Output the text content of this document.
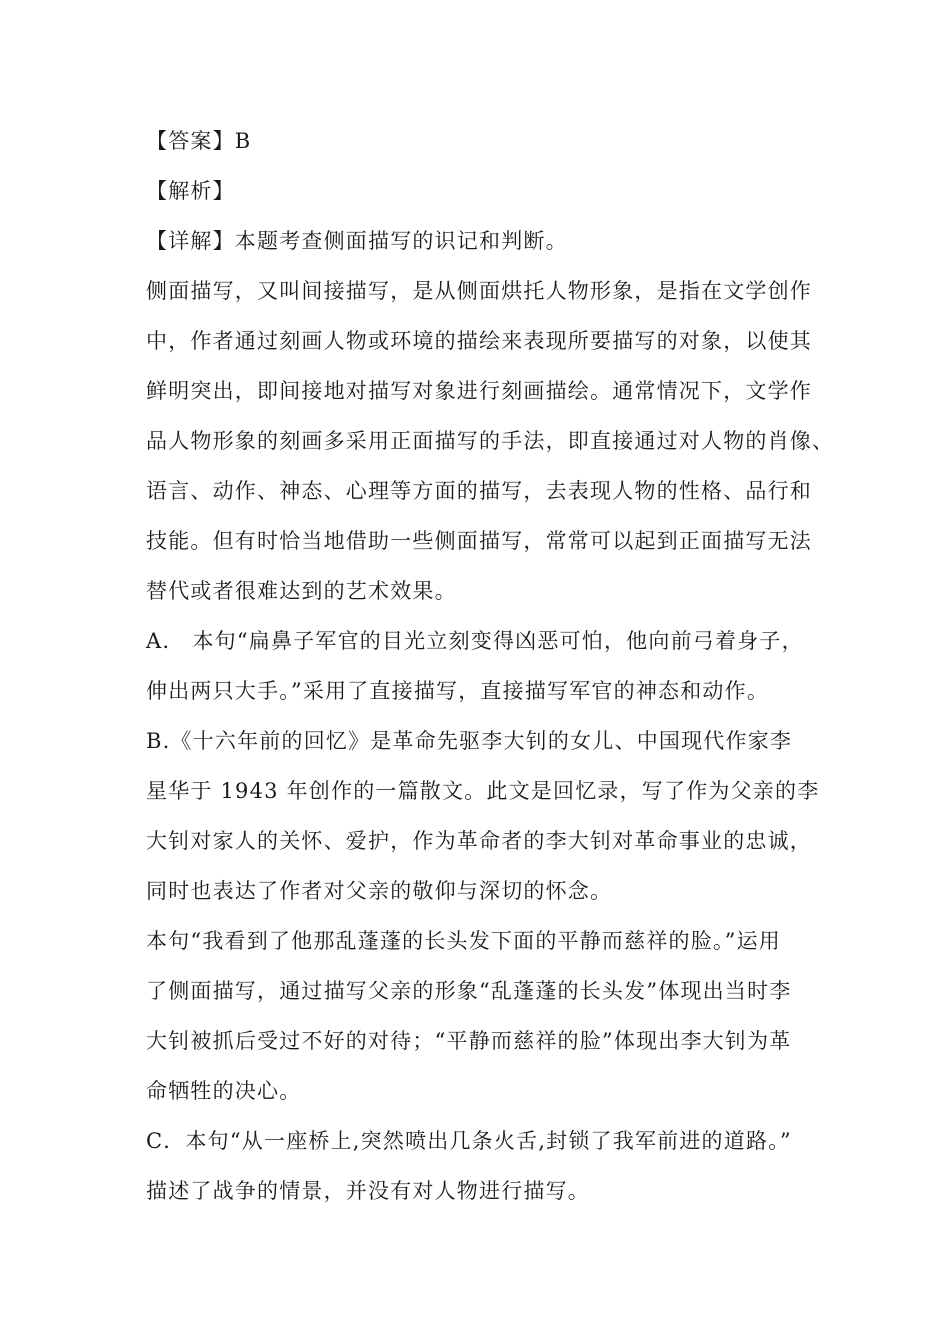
【答案】B
【解析】
【详解】本题考查侧面描写的识记和判断。
侧面描写，又叫间接描写，是从侧面烘托人物形象，是指在文学创作
中，作者通过刻画人物或环境的描绘来表现所要描写的对象，以使其
鲜明突出，即间接地对描写对象进行刻画描绘。通常情况下，文学作
品人物形象的刻画多采用正面描写的手法，即直接通过对人物的肖像、
语言、动作、神态、心理等方面的描写，去表现人物的性格、品行和
技能。但有时恰当地借助一些侧面描写，常常可以起到正面描写无法
替代或者很难达到的艺术效果。
A.　本句“扁鼻子军官的目光立刻变得凶恶可怕，他向前弓着身子，
伸出两只大手。”采用了直接描写，直接描写军官的神态和动作。
B.《十六年前的回忆》是革命先驱李大钊的女儿、中国现代作家李
星华于 1943 年创作的一篇散文。此文是回忆录，写了作为父亲的李
大钊对家人的关怀、爱护，作为革命者的李大钊对革命事业的忠诚，
同时也表达了作者对父亲的敬仰与深切的怀念。
本句“我看到了他那乱蓬蓬的长头发下面的平静而慈祥的脸。”运用
了侧面描写，通过描写父亲的形象“乱蓬蓬的长头发”体现出当时李
大钊被抓后受过不好的对待；“平静而慈祥的脸”体现出李大钊为革
命牺牲的决心。
C．本句“从一座桥上,突然喷出几条火舌,封锁了我军前进的道路。”
描述了战争的情景，并没有对人物进行描写。
